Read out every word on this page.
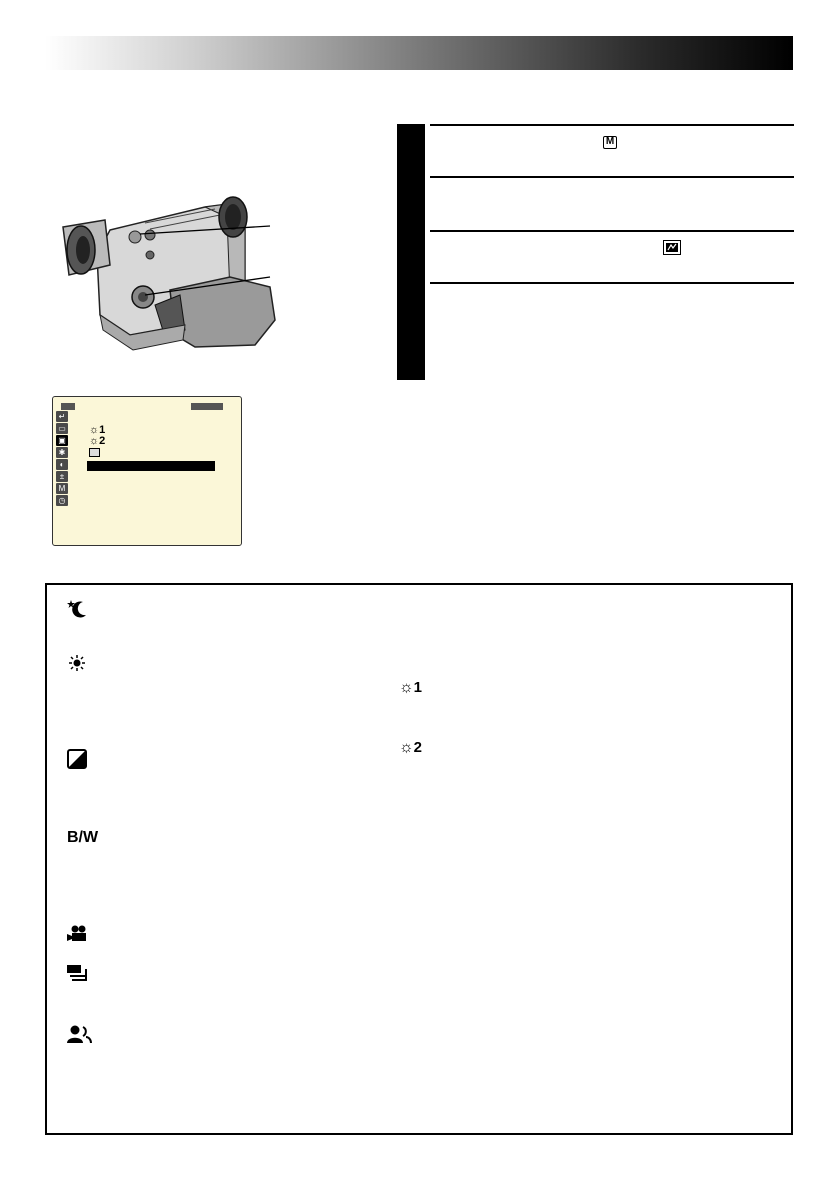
M
↵
▭
▣
✱
◐
±
M
◷
☼1
☼2
B/W
☼1
☼2
